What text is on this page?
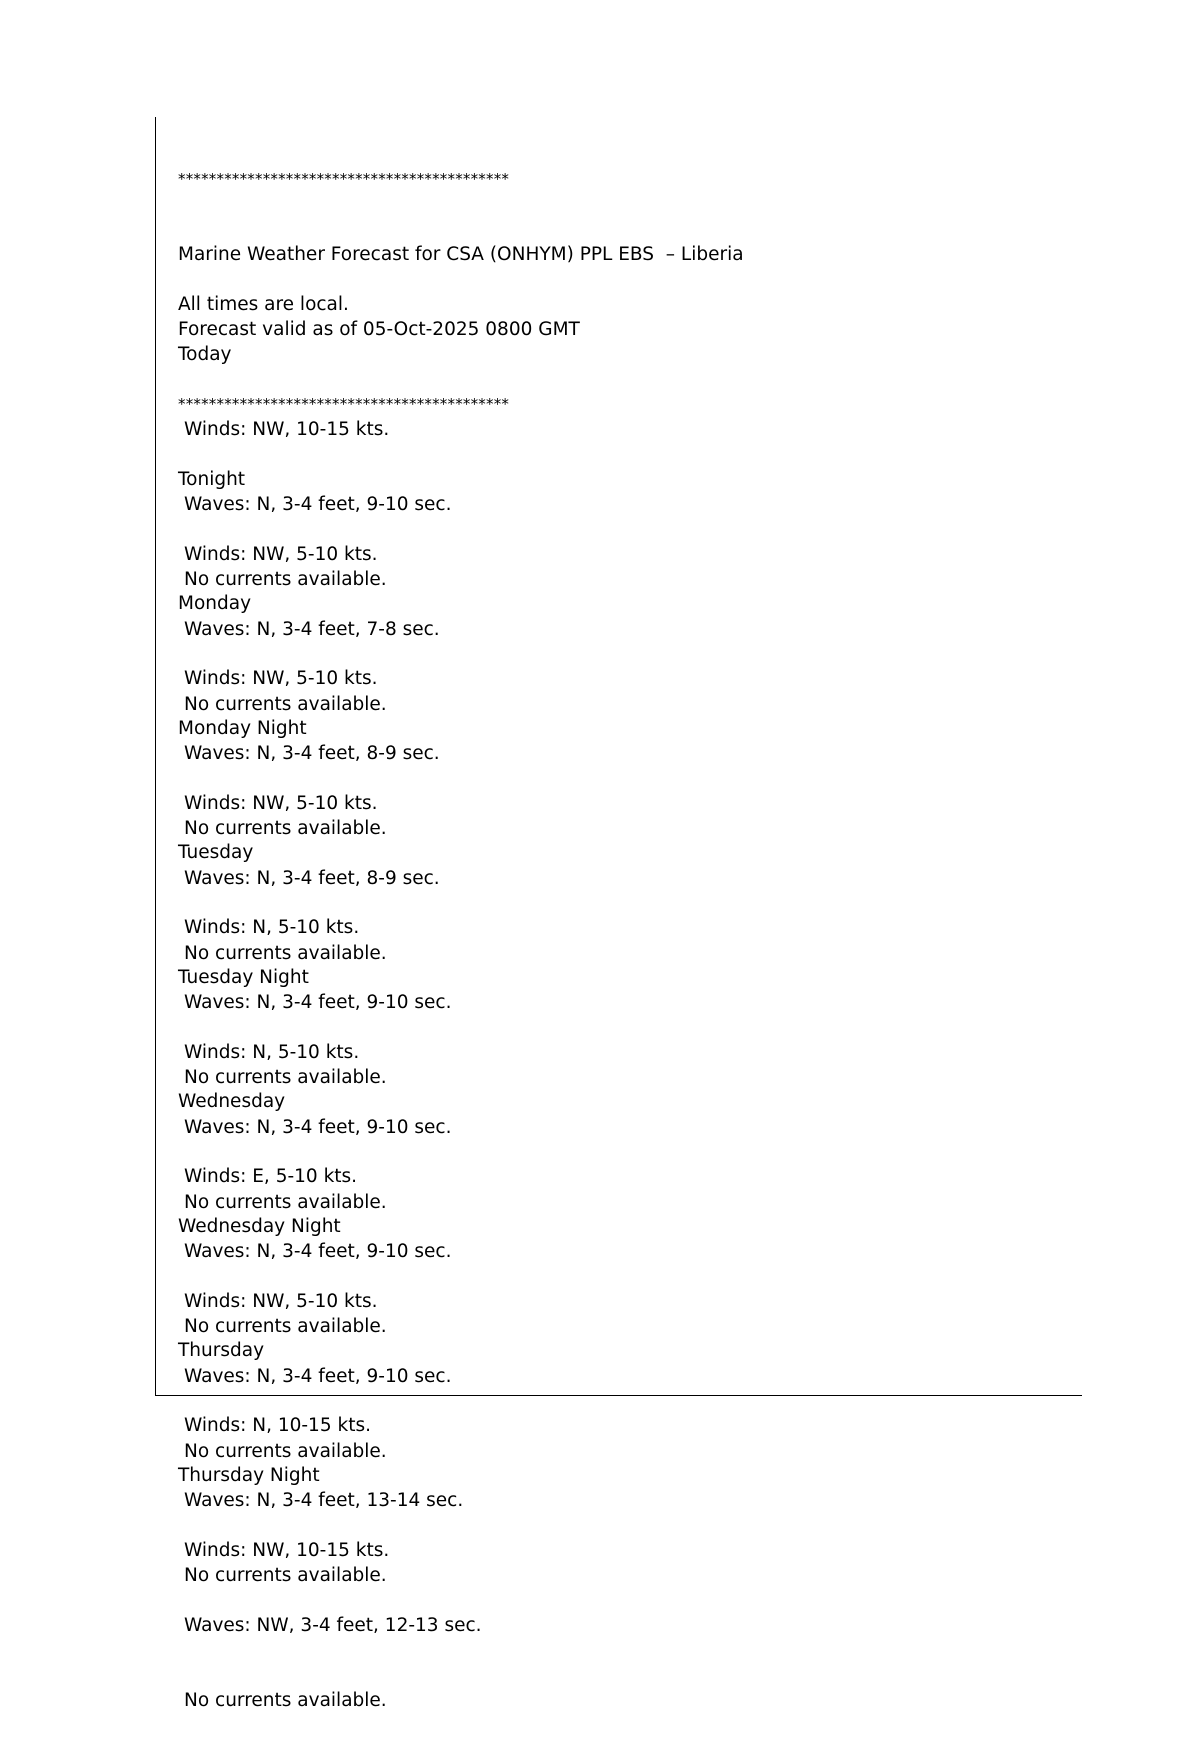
*******************************************

Marine Weather Forecast for CSA (ONHYM) PPL EBS  – Liberia

Forecast valid as of 05-Oct-2025 0800 GMT

*******************************************

All times are local.

Today

Winds: NW, 10-15 kts.

Waves: N, 3-4 feet, 9-10 sec.

No currents available.

Tonight

Winds: NW, 5-10 kts.

Waves: N, 3-4 feet, 7-8 sec.

No currents available.

Monday

Winds: NW, 5-10 kts.

Waves: N, 3-4 feet, 8-9 sec.

No currents available.

Monday Night

Winds: NW, 5-10 kts.

Waves: N, 3-4 feet, 8-9 sec.

No currents available.

Tuesday

Winds: N, 5-10 kts.

Waves: N, 3-4 feet, 9-10 sec.

No currents available.

Tuesday Night

Winds: N, 5-10 kts.

Waves: N, 3-4 feet, 9-10 sec.

No currents available.

Wednesday

Winds: E, 5-10 kts.

Waves: N, 3-4 feet, 9-10 sec.

No currents available.

Wednesday Night

Winds: NW, 5-10 kts.

Waves: N, 3-4 feet, 9-10 sec.

No currents available.

Thursday

Winds: N, 10-15 kts.

Waves: N, 3-4 feet, 13-14 sec.

No currents available.

Thursday Night

Winds: NW, 10-15 kts.

Waves: NW, 3-4 feet, 12-13 sec.

No currents available.
